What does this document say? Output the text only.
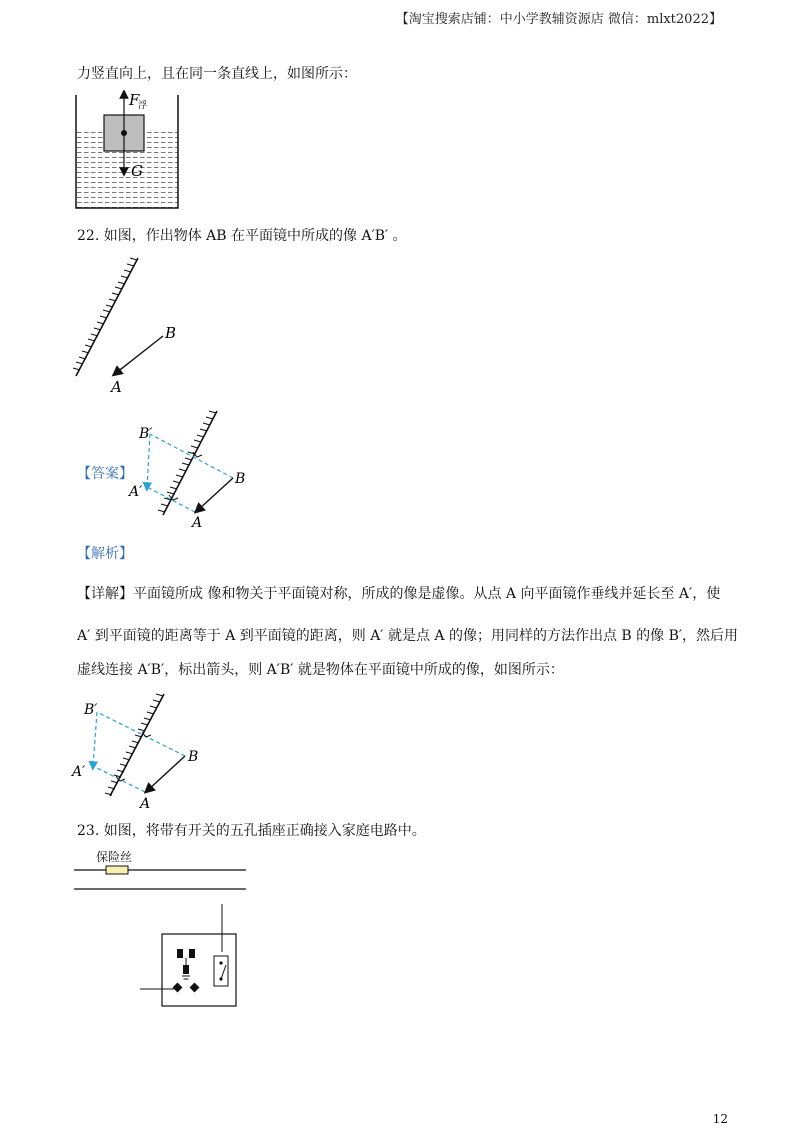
【淘宝搜索店铺：中小学教辅资源店 微信：mlxt2022】
力竖直向上，且在同一条直线上，如图所示：
F
浮
G
22. 如图，作出物体 AB 在平面镜中所成的像 A′B′ 。
B
A
【答案】
B′
A′
B
A
【解析】
【详解】平面镜所成 像和物关于平面镜对称，所成的像是虚像。从点 A 向平面镜作垂线并延长至 A′，使
A′ 到平面镜的距离等于 A 到平面镜的距离，则 A′ 就是点 A 的像；用同样的方法作出点 B 的像 B′，然后用
虚线连接 A′B′，标出箭头，则 A′B′ 就是物体在平面镜中所成的像，如图所示：
B′
A′
B
A
23. 如图，将带有开关的五孔插座正确接入家庭电路中。
保险丝
12
